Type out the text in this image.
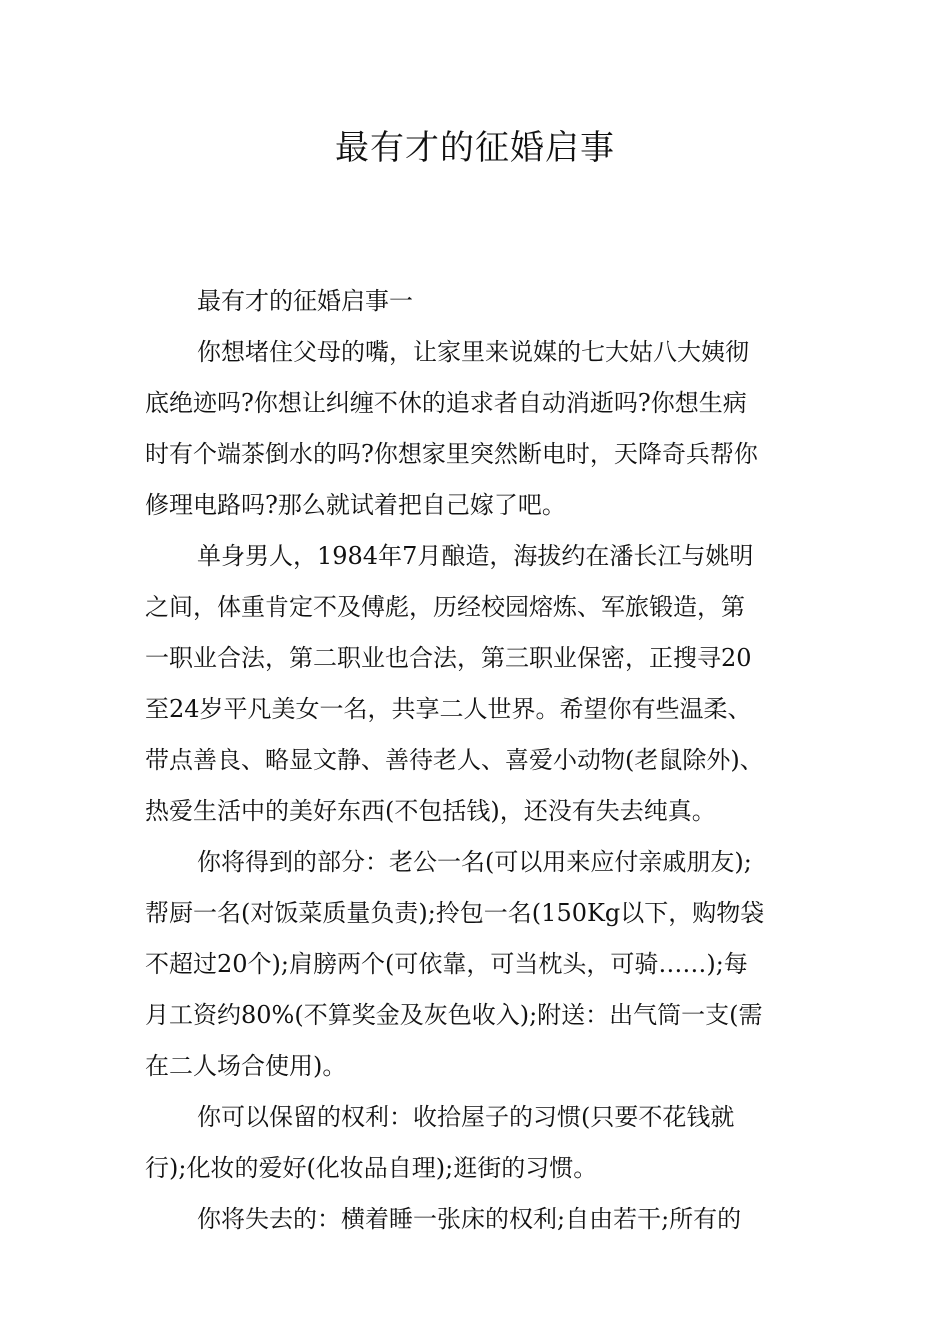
最有才的征婚启事

最有才的征婚启事一

你想堵住父母的嘴，让家里来说媒的七大姑八大姨彻
底绝迹吗?你想让纠缠不休的追求者自动消逝吗?你想生病
时有个端茶倒水的吗?你想家里突然断电时，天降奇兵帮你
修理电路吗?那么就试着把自己嫁了吧。

单身男人，1984年7月酿造，海拔约在潘长江与姚明
之间，体重肯定不及傅彪，历经校园熔炼、军旅锻造，第
一职业合法，第二职业也合法，第三职业保密，正搜寻20
至24岁平凡美女一名，共享二人世界。希望你有些温柔、
带点善良、略显文静、善待老人、喜爱小动物(老鼠除外)、
热爱生活中的美好东西(不包括钱)，还没有失去纯真。

你将得到的部分：老公一名(可以用来应付亲戚朋友);
帮厨一名(对饭菜质量负责);拎包一名(150Kg以下，购物袋
不超过20个);肩膀两个(可依靠，可当枕头，可骑……);每
月工资约80%(不算奖金及灰色收入);附送：出气筒一支(需
在二人场合使用)。

你可以保留的权利：收拾屋子的习惯(只要不花钱就
行);化妆的爱好(化妆品自理);逛街的习惯。

你将失去的：横着睡一张床的权利;自由若干;所有的
